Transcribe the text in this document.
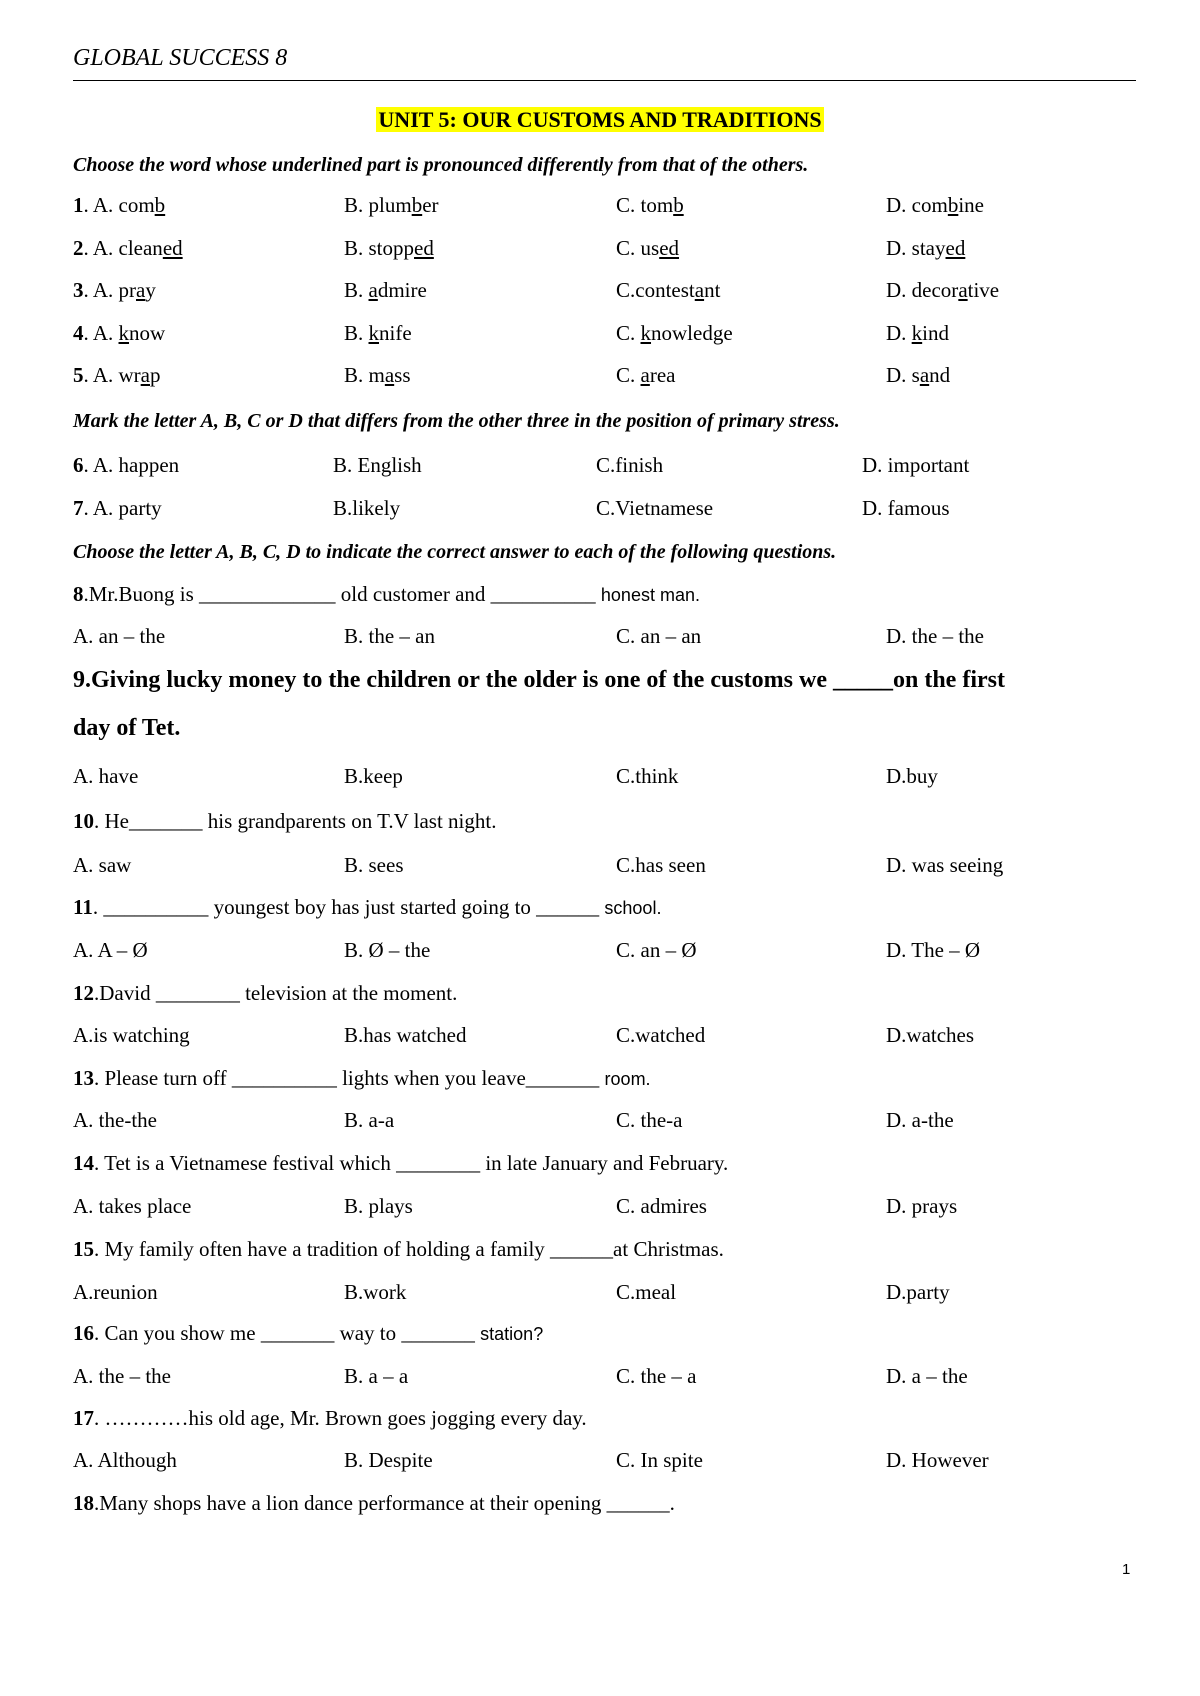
GLOBAL SUCCESS 8
UNIT 5: OUR CUSTOMS AND TRADITIONS
Choose the word whose underlined part is pronounced differently from that of the others.
1. A. comb	B. plumber	C. tomb	D. combine
2. A. cleaned	B. stopped	C. used	D. stayed
3. A. pray	B. admire	C.contestant	D. decorative
4. A. know	B. knife	C. knowledge	D. kind
5. A. wrap	B. mass	C. area	D. sand
Mark the letter A, B, C or D that differs from the other three in the position of primary stress.
6. A. happen	B. English	C.finish	D. important
7. A. party	B.likely	C.Vietnamese	D. famous
Choose the letter A, B, C, D to indicate the correct answer to each of the following questions.
8.Mr.Buong is _____________ old customer and __________ honest man.
A. an – the	B. the – an	C. an – an	D. the – the
9.Giving lucky money to the children or the older is one of the customs we _____on the first
day of Tet.
A. have	B.keep	C.think	D.buy
10. He_______ his grandparents on T.V last night.
A. saw	B. sees	C.has seen	D. was seeing
11. __________ youngest boy has just started going to ______ school.
A. A – Ø	B. Ø – the	C. an – Ø	D. The – Ø
12.David ________ television at the moment.
A.is watching	B.has watched	C.watched	D.watches
13. Please turn off __________ lights when you leave_______ room.
A. the-the	B. a-a	C. the-a	D. a-the
14. Tet is a Vietnamese festival which ________ in late January and February.
A. takes place	B. plays	C. admires	D. prays
15. My family often have a tradition of holding a family ______at Christmas.
A.reunion	B.work	C.meal	D.party
16. Can you show me _______ way to _______ station?
A. the – the	B. a – a	C. the – a	D. a – the
17. …………his old age, Mr. Brown goes jogging every day.
A. Although	B. Despite	C. In spite	D. However
18.Many shops have a lion dance performance at their opening ______.
1
